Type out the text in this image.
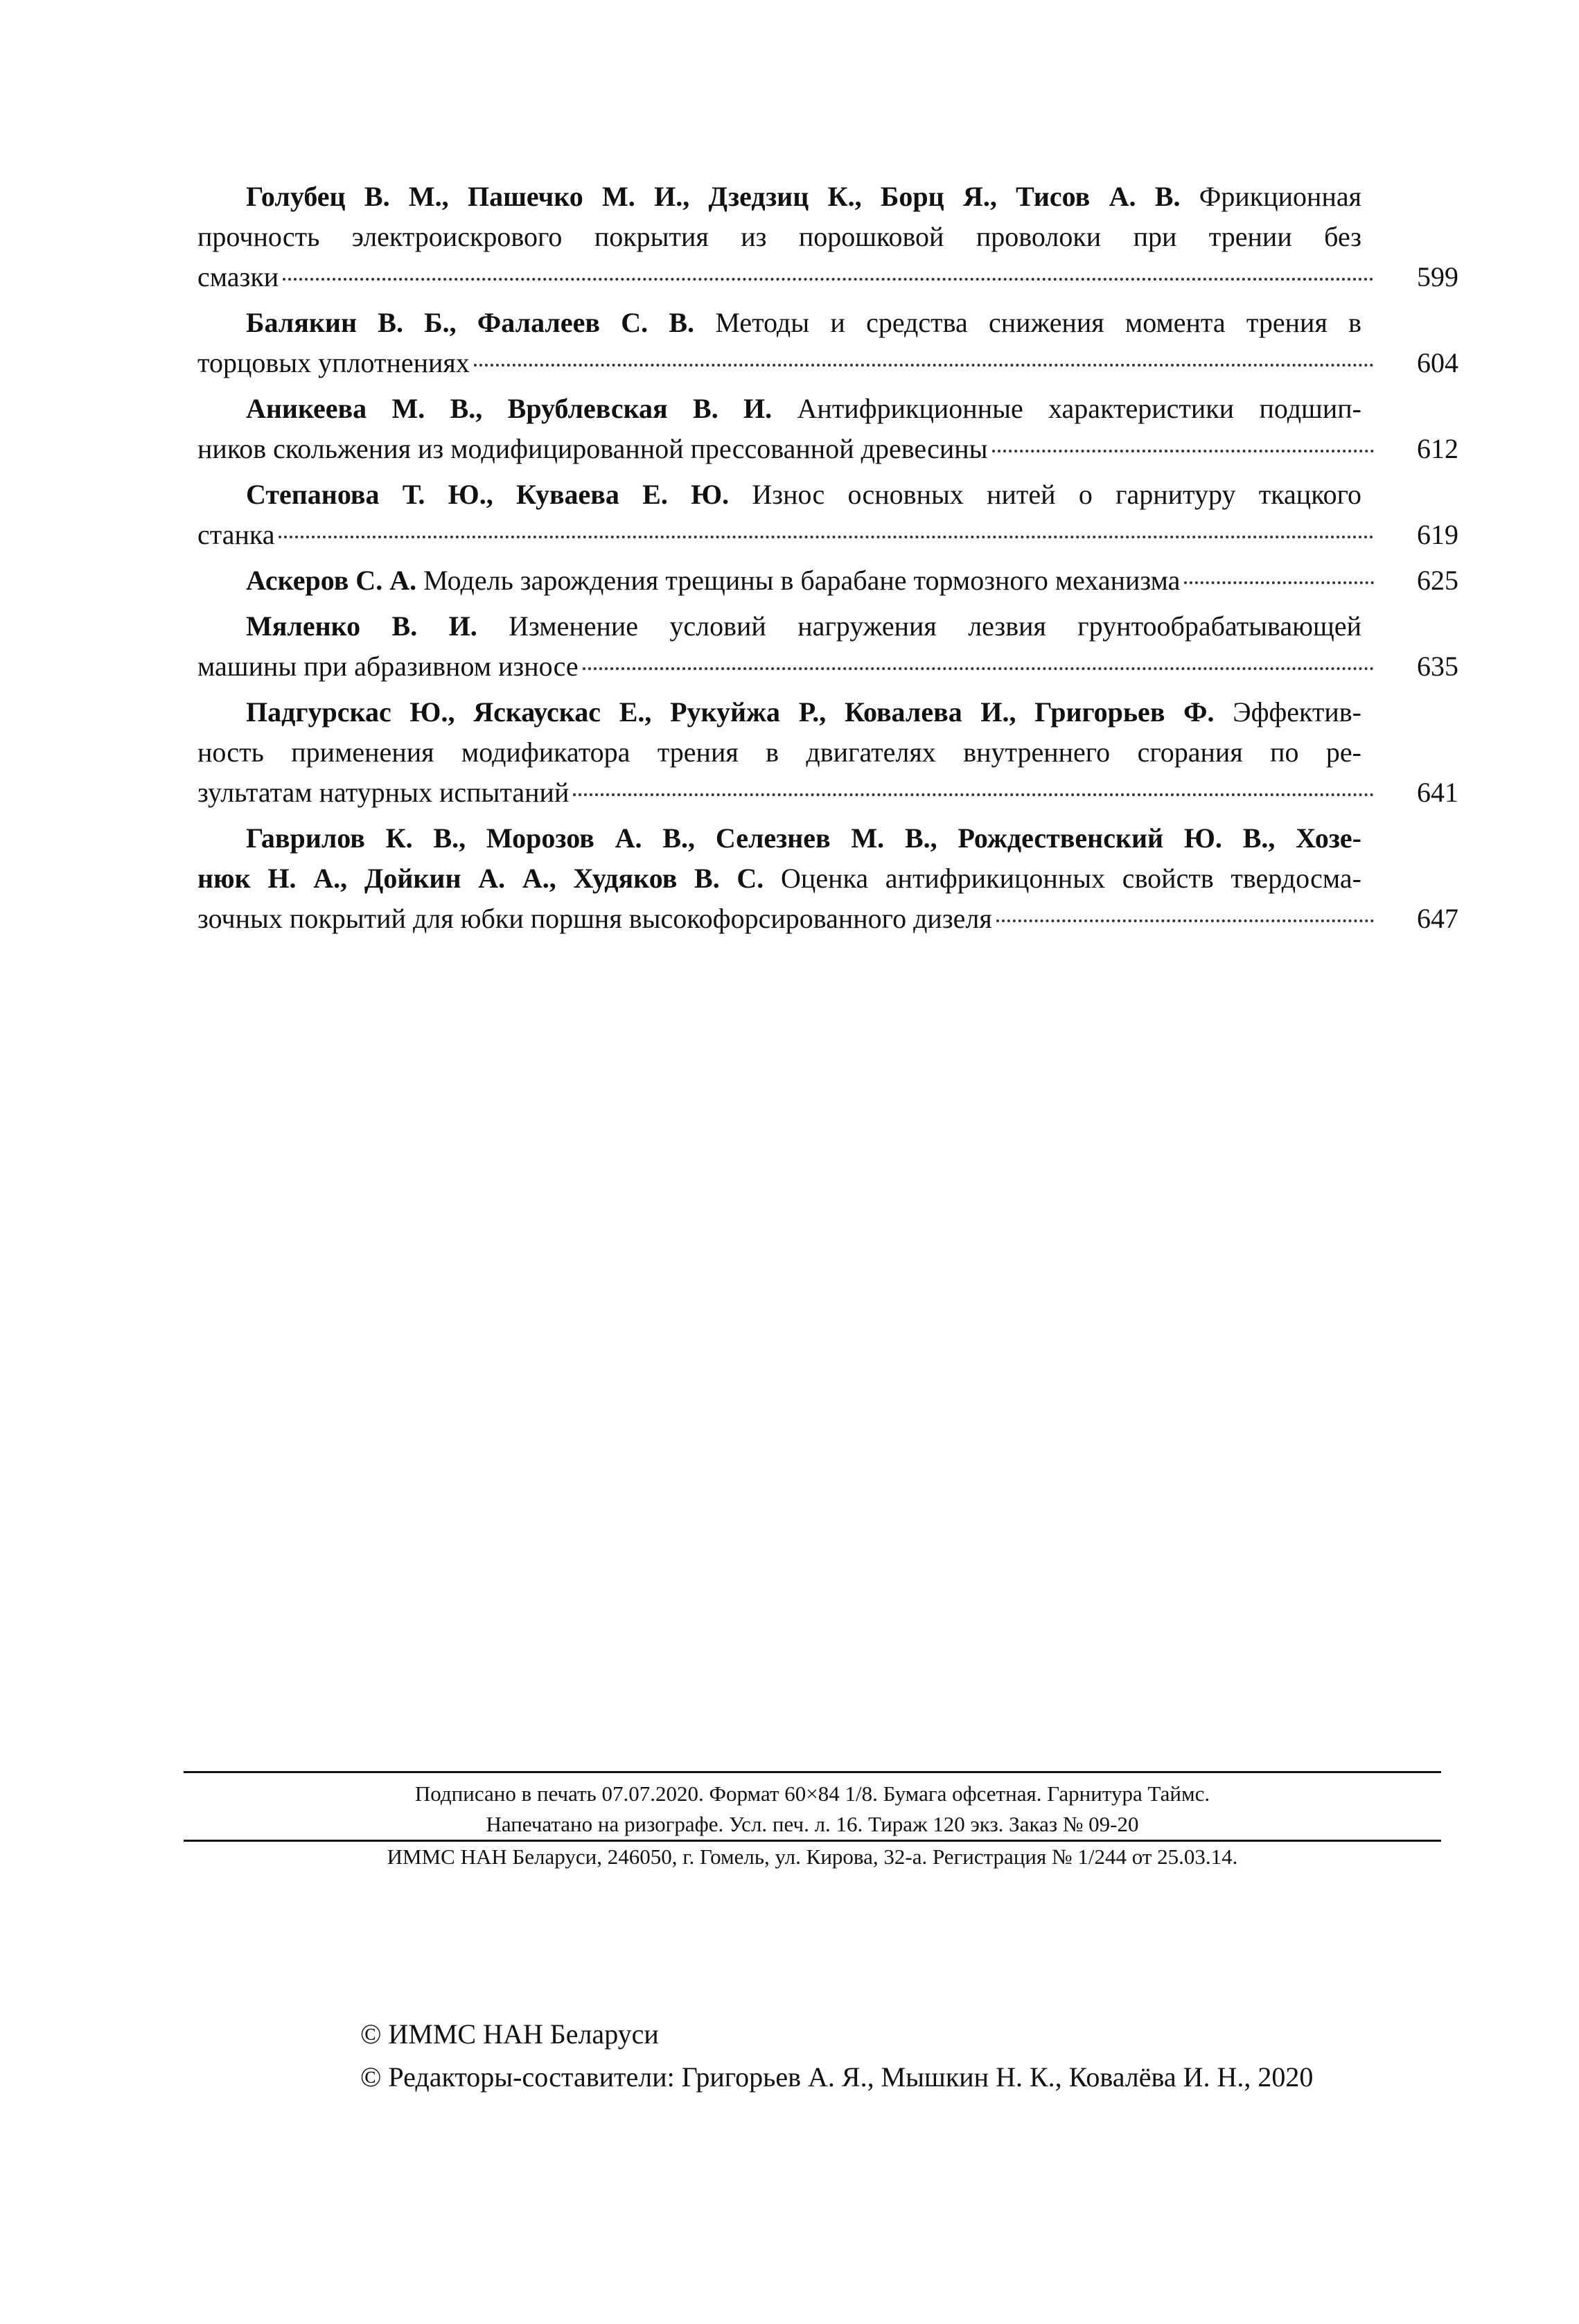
Голубец В. М., Пашечко М. И., Дзедзиц К., Борц Я., Тисов А. В. Фрикционная
прочность электроискрового покрытия из порошковой проволоки при трении без
смазки	599
Балякин В. Б., Фалалеев С. В. Методы и средства снижения момента трения в
торцовых уплотнениях	604
Аникеева М. В., Врублевская В. И. Антифрикционные характеристики подшип-
ников скольжения из модифицированной прессованной древесины	612
Степанова Т. Ю., Куваева Е. Ю. Износ основных нитей о гарнитуру ткацкого
станка	619
Аскеров С. А. Модель зарождения трещины в барабане тормозного механизма	625
Мяленко В. И. Изменение условий нагружения лезвия грунтообрабатывающей
машины при абразивном износе	635
Падгурскас Ю., Яскаускас Е., Рукуйжа Р., Ковалева И., Григорьев Ф. Эффектив-
ность применения модификатора трения в двигателях внутреннего сгорания по ре-
зультатам натурных испытаний	641
Гаврилов К. В., Морозов А. В., Селезнев М. В., Рождественский Ю. В., Хозе-
нюк Н. А., Дойкин А. А., Худяков В. С. Оценка антифрикицонных свойств твердосма-
зочных покрытий для юбки поршня высокофорсированного дизеля	647
Подписано в печать 07.07.2020. Формат 60×84 1/8. Бумага офсетная. Гарнитура Таймс.
Напечатано на ризографе. Усл. печ. л. 16. Тираж 120 экз. Заказ № 09-20
ИММС НАН Беларуси, 246050, г. Гомель, ул. Кирова, 32-а. Регистрация № 1/244 от 25.03.14.
© ИММС НАН Беларуси
© Редакторы-составители: Григорьев А. Я., Мышкин Н. К., Ковалёва И. Н., 2020
